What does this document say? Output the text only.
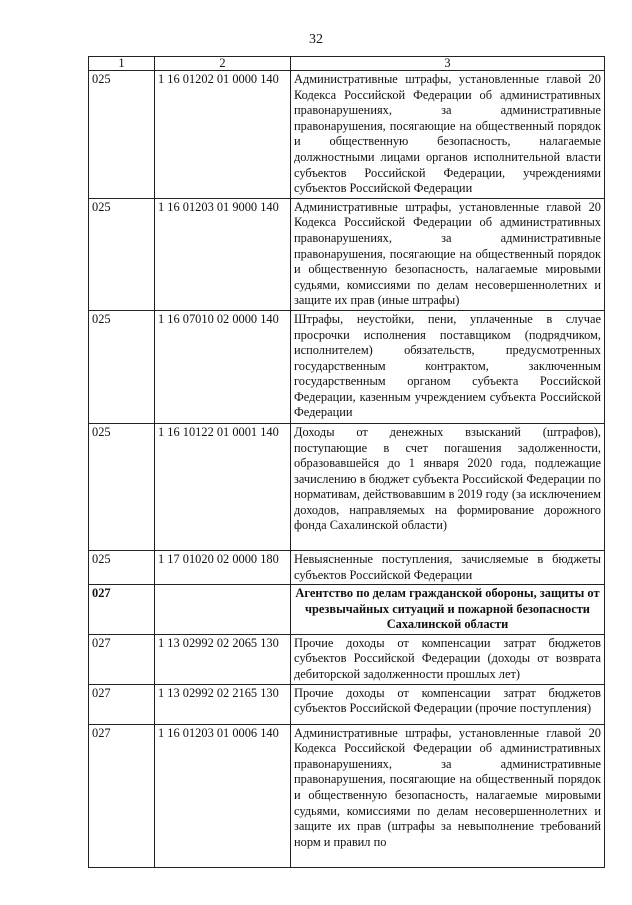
32
1	2	3
025	1 16 01202 01 0000 140	Административные штрафы, установленные главой 20 Кодекса Российской Федерации об административных правонарушениях, за административные правонарушения, посягающие на общественный порядок и общественную безопасность, налагаемые должностными лицами органов исполнительной власти субъектов Российской Федерации, учреждениями субъектов Российской Федерации
025	1 16 01203 01 9000 140	Административные штрафы, установленные главой 20 Кодекса Российской Федерации об административных правонарушениях, за административные правонарушения, посягающие на общественный порядок и общественную безопасность, налагаемые мировыми судьями, комиссиями по делам несовершеннолетних и защите их прав (иные штрафы)
025	1 16 07010 02 0000 140	Штрафы, неустойки, пени, уплаченные в случае просрочки исполнения поставщиком (подрядчиком, исполнителем) обязательств, предусмотренных государственным контрактом, заключенным государственным органом субъекта Российской Федерации, казенным учреждением субъекта Российской Федерации
025	1 16 10122 01 0001 140	Доходы от денежных взысканий (штрафов), поступающие в счет погашения задолженности, образовавшейся до 1 января 2020 года, подлежащие зачислению в бюджет субъекта Российской Федерации по нормативам, действовавшим в 2019 году (за исключением доходов, направляемых на формирование дорожного фонда Сахалинской области)
025	1 17 01020 02 0000 180	Невыясненные поступления, зачисляемые в бюджеты субъектов Российской Федерации
027		Агентство по делам гражданской обороны, защиты от чрезвычайных ситуаций и пожарной безопасности Сахалинской области
027	1 13 02992 02 2065 130	Прочие доходы от компенсации затрат бюджетов субъектов Российской Федерации (доходы от возврата дебиторской задолженности прошлых лет)
027	1 13 02992 02 2165 130	Прочие доходы от компенсации затрат бюджетов субъектов Российской Федерации (прочие поступления)
027	1 16 01203 01 0006 140	Административные штрафы, установленные главой 20 Кодекса Российской Федерации об административных правонарушениях, за административные правонарушения, посягающие на общественный порядок и общественную безопасность, налагаемые мировыми судьями, комиссиями по делам несовершеннолетних и защите их прав (штрафы за невыполнение требований норм и правил по
